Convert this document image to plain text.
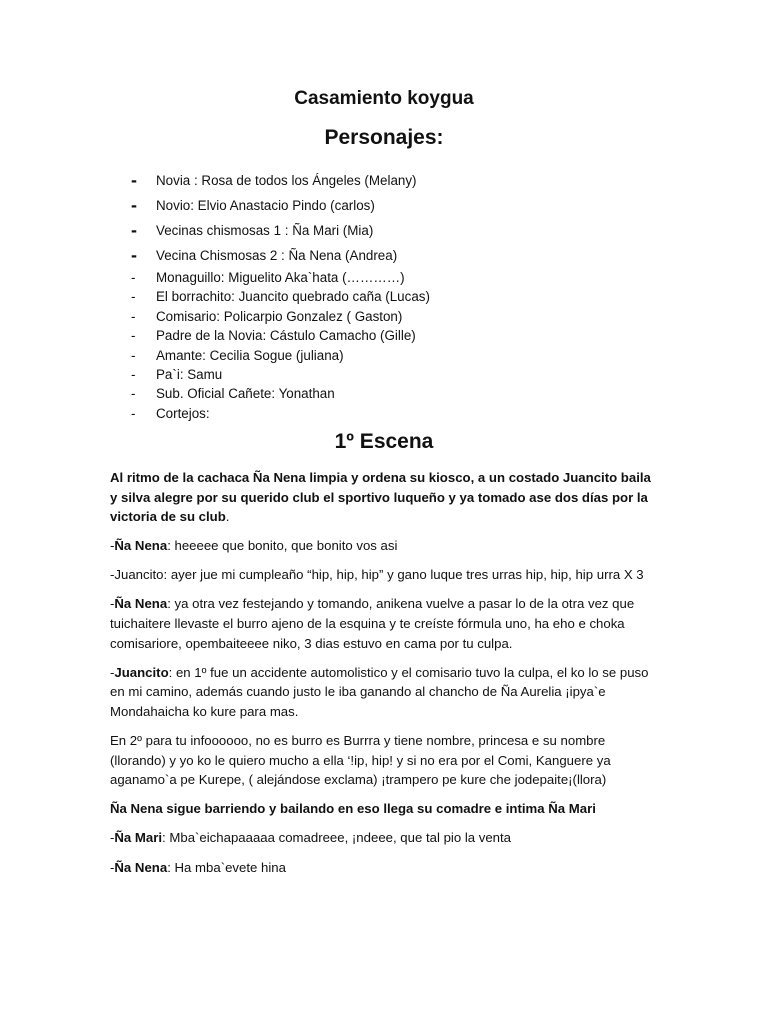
Casamiento koygua
Personajes:
- Novia : Rosa de todos los Ángeles (Melany)
- Novio: Elvio Anastacio Pindo (carlos)
- Vecinas chismosas 1 : Ña Mari (Mia)
- Vecina Chismosas 2 : Ña Nena (Andrea)
- Monaguillo: Miguelito Aka`hata (…………)
- El borrachito: Juancito quebrado caña (Lucas)
- Comisario: Policarpio Gonzalez ( Gaston)
- Padre de la Novia: Cástulo Camacho (Gille)
- Amante: Cecilia Sogue (juliana)
- Pa`i: Samu
- Sub. Oficial Cañete: Yonathan
- Cortejos:
1º Escena

Al ritmo de la cachaca Ña Nena limpia y ordena su kiosco, a un costado Juancito baila y silva alegre por su querido club el sportivo luqueño y ya tomado ase dos días por la victoria de su club.

-Ña Nena: heeeee que bonito, que bonito vos asi

-Juancito: ayer jue mi cumpleaño “hip, hip, hip” y gano luque tres urras hip, hip, hip urra X 3

-Ña Nena: ya otra vez festejando y tomando, anikena vuelve a pasar lo de la otra vez que tuichaitere llevaste el burro ajeno de la esquina y te creíste fórmula uno, ha eho e choka comisariore, opembaiteeee niko, 3 dias estuvo en cama por tu culpa.

-Juancito: en 1º fue un accidente automolistico y el comisario tuvo la culpa, el ko lo se puso en mi camino, además cuando justo le iba ganando al chancho de Ña Aurelia ¡ipya`e Mondahaicha ko kure para mas.

En 2º para tu infoooooo, no es burro es Burrra y tiene nombre, princesa e su nombre (llorando) y yo ko le quiero mucho a ella ‘!ip, hip! y si no era por el Comi, Kanguere ya aganamo`a pe Kurepe, ( alejándose exclama) ¡trampero pe kure che jodepaite¡(llora)

Ña Nena sigue barriendo y bailando en eso llega su comadre e intima Ña Mari

-Ña Mari: Mba`eichapaaaaa comadreee, ¡ndeee, que tal pio la venta

-Ña Nena: Ha mba`evete hina
